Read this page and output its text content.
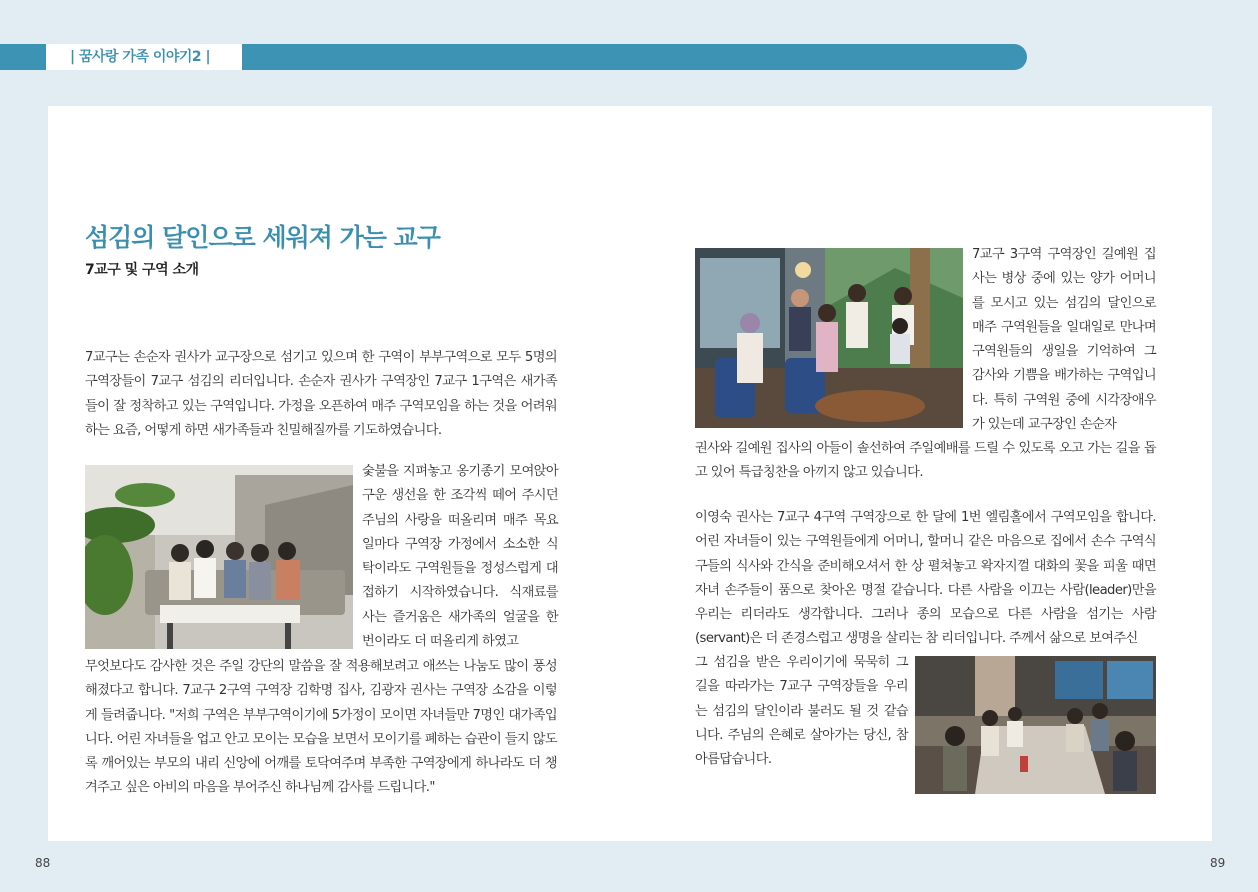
| 꿈사랑 가족 이야기2 |
섬김의 달인으로 세워져 가는 교구
7교구 및 구역 소개
7교구는 손순자 권사가 교구장으로 섬기고 있으며 한 구역이 부부구역으로 모두 5명의 구역장들이 7교구 섬김의 리더입니다. 손순자 권사가 구역장인 7교구 1구역은 새가족들이 잘 정착하고 있는 구역입니다. 가정을 오픈하여 매주 구역모임을 하는 것을 어려워하는 요즘, 어떻게 하면 새가족들과 친밀해질까를 기도하였습니다.
숯불을 지펴놓고 옹기종기 모여앉아 구운 생선을 한 조각씩 떼어 주시던 주님의 사랑을 떠올리며 매주 목요일마다 구역장 가정에서 소소한 식탁이라도 구역원들을 정성스럽게 대접하기 시작하였습니다. 식재료를 사는 즐거움은 새가족의 얼굴을 한 번이라도 더 떠올리게 하였고
무엇보다도 감사한 것은 주일 강단의 말씀을 잘 적용해보려고 애쓰는 나눔도 많이 풍성해졌다고 합니다. 7교구 2구역 구역장 김학명 집사, 김광자 권사는 구역장 소감을 이렇게 들려줍니다. "저희 구역은 부부구역이기에 5가정이 모이면 자녀들만 7명인 대가족입니다. 어린 자녀들을 업고 안고 모이는 모습을 보면서 모이기를 폐하는 습관이 들지 않도록 깨어있는 부모의 내리 신앙에 어깨를 토닥여주며 부족한 구역장에게 하나라도 더 챙겨주고 싶은 아비의 마음을 부어주신 하나님께 감사를 드립니다."
7교구 3구역 구역장인 길예원 집사는 병상 중에 있는 양가 어머니를 모시고 있는 섬김의 달인으로 매주 구역원들을 일대일로 만나며 구역원들의 생일을 기억하여 그 감사와 기쁨을 배가하는 구역입니다. 특히 구역원 중에 시각장애우가 있는데 교구장인 손순자
권사와 길예원 집사의 아들이 솔선하여 주일예배를 드릴 수 있도록 오고 가는 길을 돕고 있어 특급칭찬을 아끼지 않고 있습니다.
이영숙 권사는 7교구 4구역 구역장으로 한 달에 1번 엘림홀에서 구역모임을 합니다. 어린 자녀들이 있는 구역원들에게 어머니, 할머니 같은 마음으로 집에서 손수 구역식구들의 식사와 간식을 준비해오셔서 한 상 펼쳐놓고 왁자지껄 대화의 꽃을 피울 때면 자녀 손주들이 품으로 찾아온 명절 같습니다. 다른 사람을 이끄는 사람(leader)만을 우리는 리더라도 생각합니다. 그러나 종의 모습으로 다른 사람을 섬기는 사람(servant)은 더 존경스럽고 생명을 살리는 참 리더입니다. 주께서 삶으로 보여주신
그 섬김을 받은 우리이기에 묵묵히 그 길을 따라가는 7교구 구역장들을 우리는 섬김의 달인이라 불러도 될 것 같습니다. 주님의 은혜로 살아가는 당신, 참 아름답습니다.
88	89
